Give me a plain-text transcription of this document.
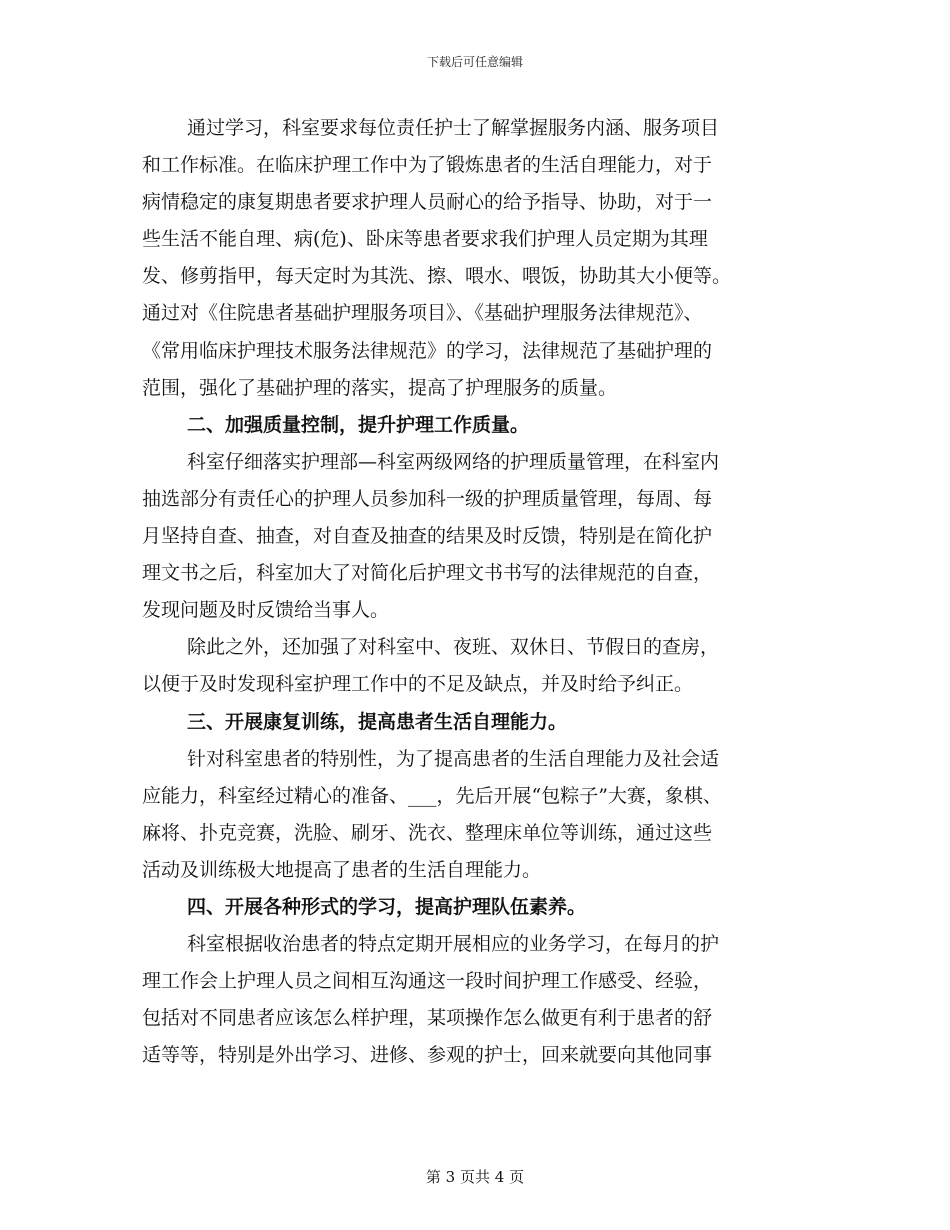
下载后可任意编辑
通过学习，科室要求每位责任护士了解掌握服务内涵、服务项目
和工作标准。在临床护理工作中为了锻炼患者的生活自理能力，对于
病情稳定的康复期患者要求护理人员耐心的给予指导、协助，对于一
些生活不能自理、病(危)、卧床等患者要求我们护理人员定期为其理
发、修剪指甲，每天定时为其洗、擦、喂水、喂饭，协助其大小便等。
通过对《住院患者基础护理服务项目》、《基础护理服务法律规范》、
《常用临床护理技术服务法律规范》的学习，法律规范了基础护理的
范围，强化了基础护理的落实，提高了护理服务的质量。
二、加强质量控制，提升护理工作质量。
科室仔细落实护理部—科室两级网络的护理质量管理，在科室内
抽选部分有责任心的护理人员参加科一级的护理质量管理，每周、每
月坚持自查、抽查，对自查及抽查的结果及时反馈，特别是在简化护
理文书之后，科室加大了对简化后护理文书书写的法律规范的自查，
发现问题及时反馈给当事人。
除此之外，还加强了对科室中、夜班、双休日、节假日的查房，
以便于及时发现科室护理工作中的不足及缺点，并及时给予纠正。
三、开展康复训练，提高患者生活自理能力。
针对科室患者的特别性，为了提高患者的生活自理能力及社会适
应能力，科室经过精心的准备、___，先后开展“包粽子”大赛，象棋、
麻将、扑克竞赛，洗脸、刷牙、洗衣、整理床单位等训练，通过这些
活动及训练极大地提高了患者的生活自理能力。
四、开展各种形式的学习，提高护理队伍素养。
科室根据收治患者的特点定期开展相应的业务学习，在每月的护
理工作会上护理人员之间相互沟通这一段时间护理工作感受、经验，
包括对不同患者应该怎么样护理，某项操作怎么做更有利于患者的舒
适等等，特别是外出学习、进修、参观的护士，回来就要向其他同事
第 3 页共 4 页
